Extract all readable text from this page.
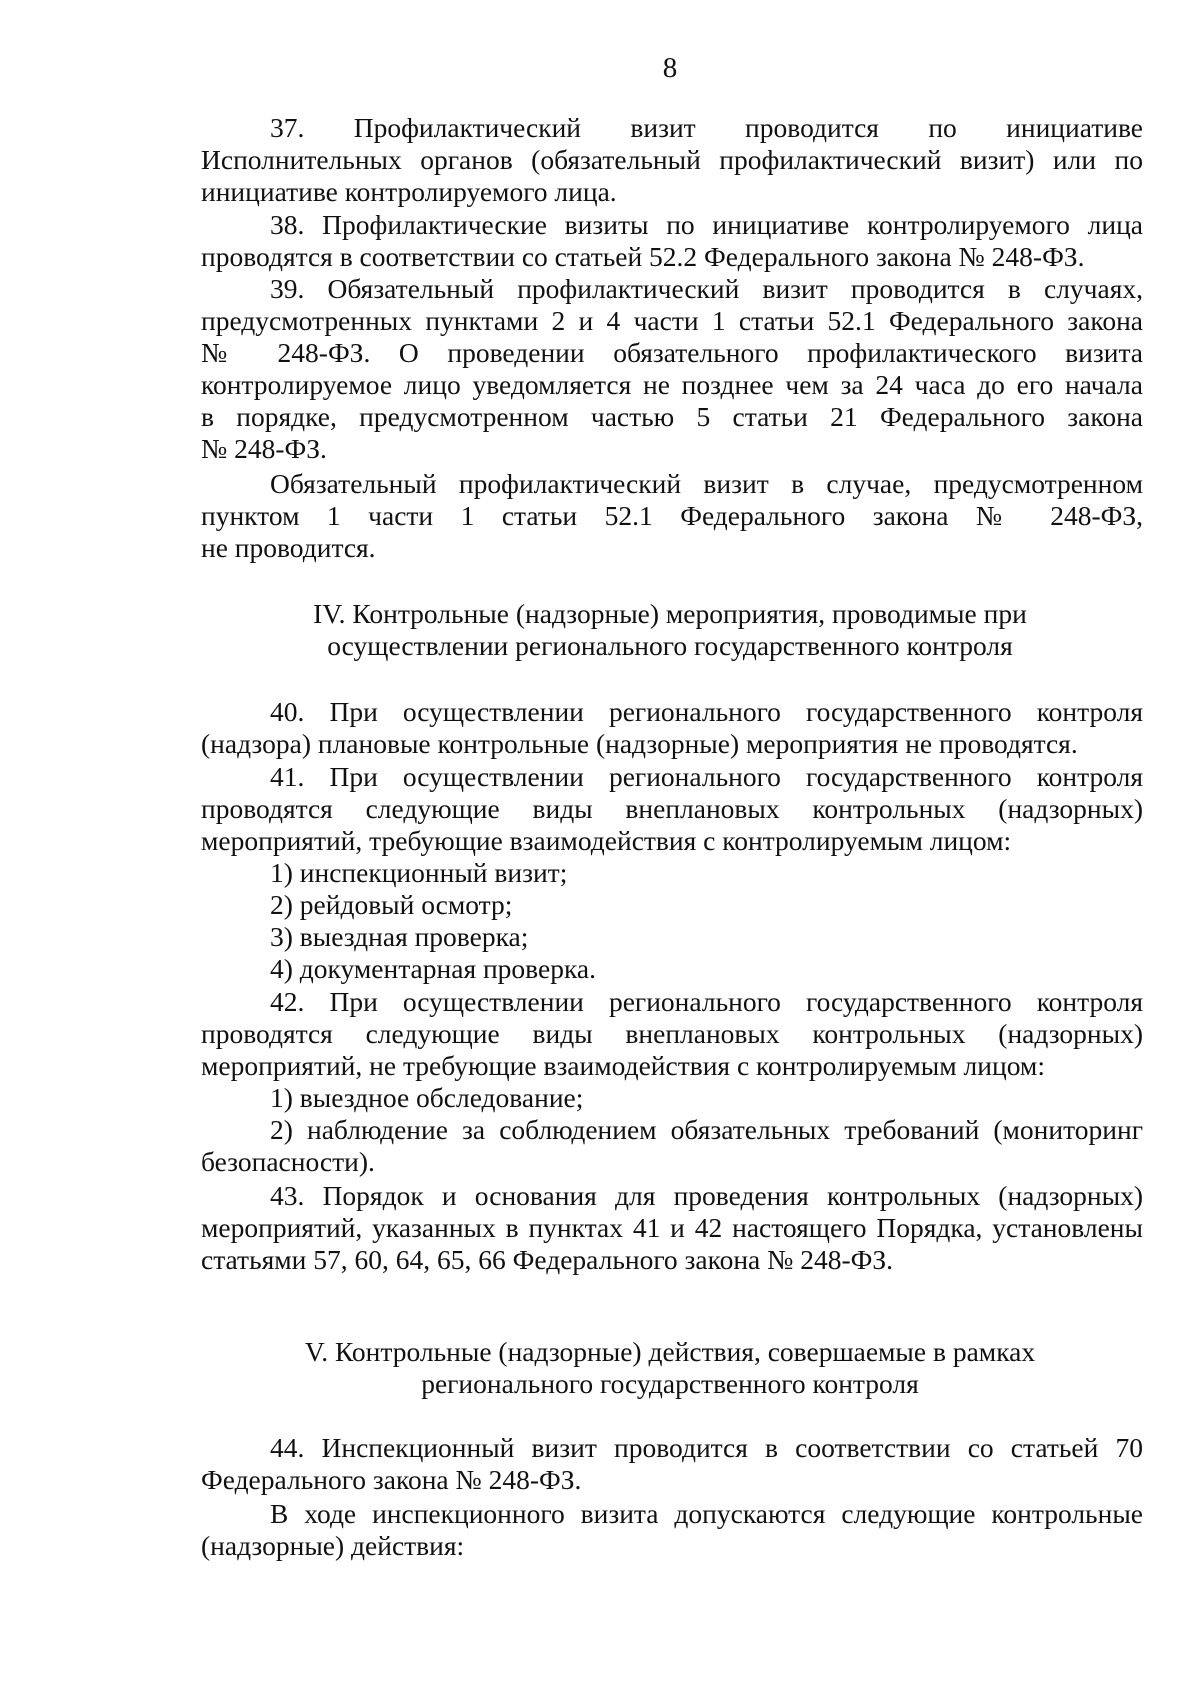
8
37. Профилактический визит проводится по инициативе
Исполнительных органов (обязательный профилактический визит) или по
инициативе контролируемого лица.
38. Профилактические визиты по инициативе контролируемого лица
проводятся в соответствии со статьей 52.2 Федерального закона № 248-ФЗ.
39. Обязательный профилактический визит проводится в случаях,
предусмотренных пунктами 2 и 4 части 1 статьи 52.1 Федерального закона
№ 248-ФЗ. О проведении обязательного профилактического визита
контролируемое лицо уведомляется не позднее чем за 24 часа до его начала
в порядке, предусмотренном частью 5 статьи 21 Федерального закона
№ 248-ФЗ.
Обязательный профилактический визит в случае, предусмотренном
пунктом 1 части 1 статьи 52.1 Федерального закона № 248-ФЗ,
не проводится.
40. При осуществлении регионального государственного контроля
(надзора) плановые контрольные (надзорные) мероприятия не проводятся.
41. При осуществлении регионального государственного контроля
проводятся следующие виды внеплановых контрольных (надзорных)
мероприятий, требующие взаимодействия с контролируемым лицом:
1) инспекционный визит;
2) рейдовый осмотр;
3) выездная проверка;
4) документарная проверка.
42. При осуществлении регионального государственного контроля
проводятся следующие виды внеплановых контрольных (надзорных)
мероприятий, не требующие взаимодействия с контролируемым лицом:
1) выездное обследование;
2) наблюдение за соблюдением обязательных требований (мониторинг
безопасности).
43. Порядок и основания для проведения контрольных (надзорных)
мероприятий, указанных в пунктах 41 и 42 настоящего Порядка, установлены
статьями 57, 60, 64, 65, 66 Федерального закона № 248-ФЗ.
44. Инспекционный визит проводится в соответствии со статьей 70
Федерального закона № 248-ФЗ.
В ходе инспекционного визита допускаются следующие контрольные
(надзорные) действия:
IV. Контрольные (надзорные) мероприятия, проводимые при
осуществлении регионального государственного контроля
V. Контрольные (надзорные) действия, совершаемые в рамках
регионального государственного контроля
